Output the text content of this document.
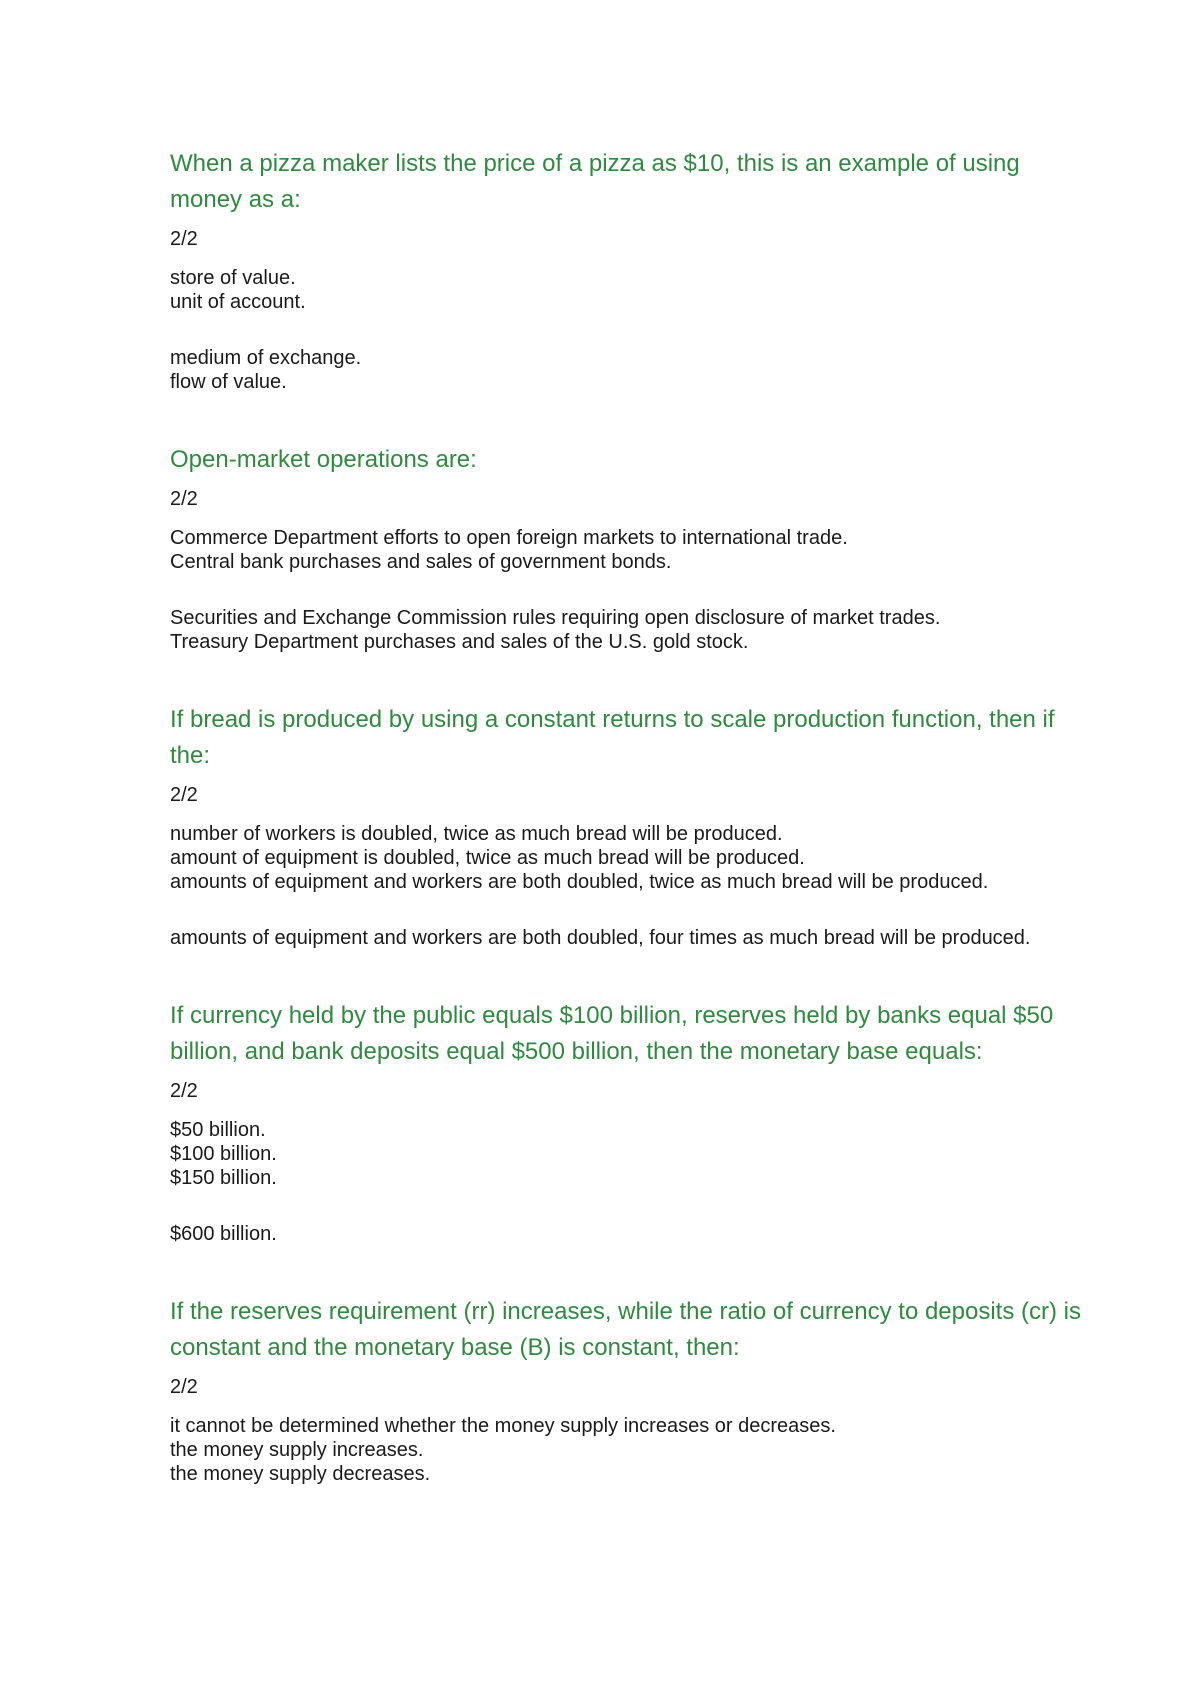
When a pizza maker lists the price of a pizza as $10, this is an example of using money as a:
2/2
store of value.
unit of account.
medium of exchange.
flow of value.
Open-market operations are:
2/2
Commerce Department efforts to open foreign markets to international trade.
Central bank purchases and sales of government bonds.
Securities and Exchange Commission rules requiring open disclosure of market trades.
Treasury Department purchases and sales of the U.S. gold stock.
If bread is produced by using a constant returns to scale production function, then if the:
2/2
number of workers is doubled, twice as much bread will be produced.
amount of equipment is doubled, twice as much bread will be produced.
amounts of equipment and workers are both doubled, twice as much bread will be produced.
amounts of equipment and workers are both doubled, four times as much bread will be produced.
If currency held by the public equals $100 billion, reserves held by banks equal $50 billion, and bank deposits equal $500 billion, then the monetary base equals:
2/2
$50 billion.
$100 billion.
$150 billion.
$600 billion.
If the reserves requirement (rr) increases, while the ratio of currency to deposits (cr) is constant and the monetary base (B) is constant, then:
2/2
it cannot be determined whether the money supply increases or decreases.
the money supply increases.
the money supply decreases.
